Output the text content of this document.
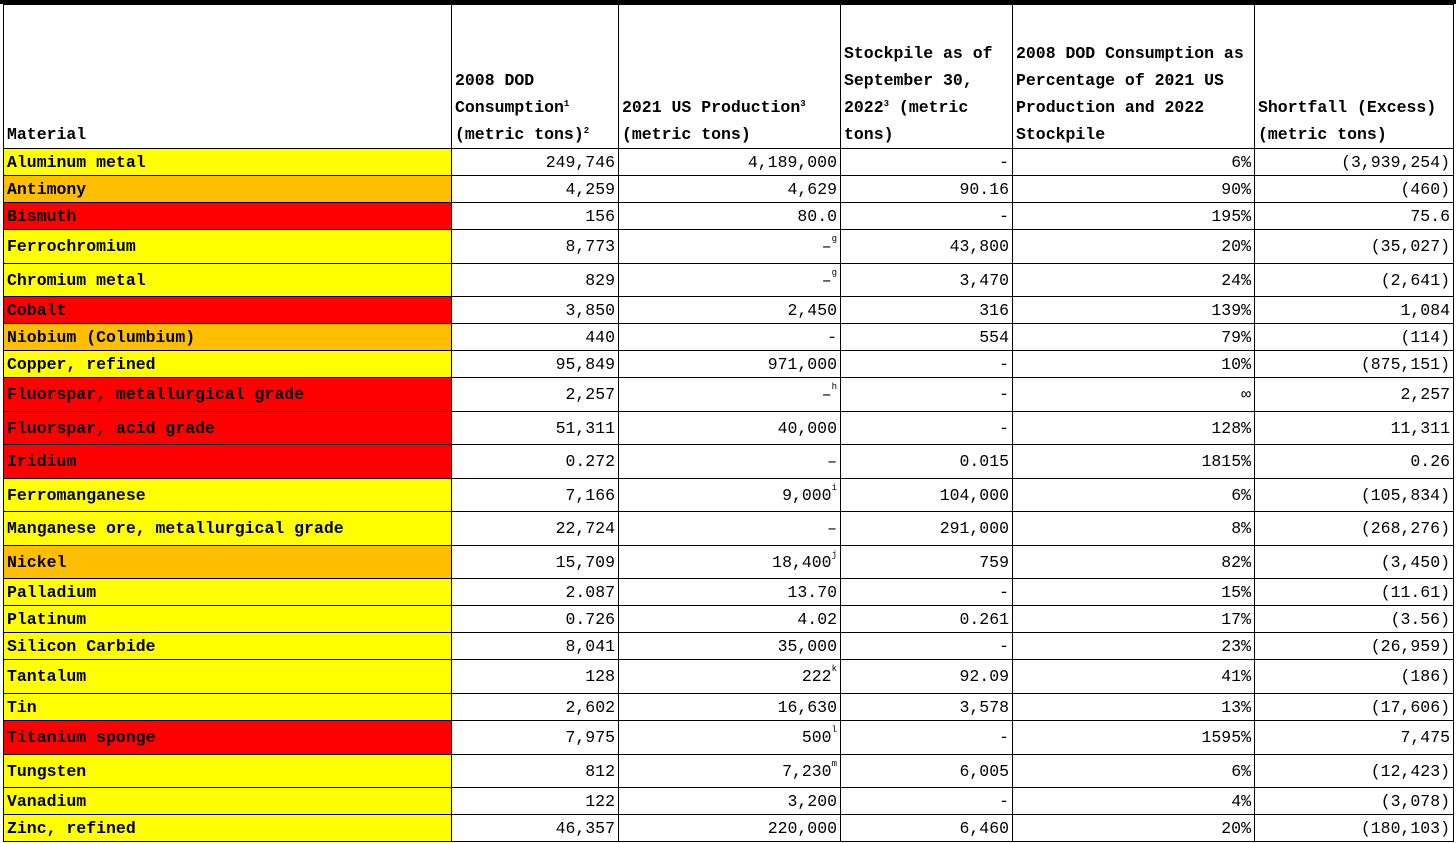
Material	2008 DOD Consumption$^1$ (metric tons)$^2$	2021 US Production$^3$ (metric tons)	Stockpile as of September 30, 2022$^3$ (metric tons)	2008 DOD Consumption as Percentage of 2021 US Production and 2022 Stockpile	Shortfall (Excess)(metric tons)
Aluminum metal	249,746	4,189,000	-	6%	(3,939,254)
Antimony	4,259	4,629	90.16	90%	(460)
Bismuth	156	80.0	-	195%	75.6
Ferrochromium	8,773	–$^g$	43,800	20%	(35,027)
Chromium metal	829	–$^g$	3,470	24%	(2,641)
Cobalt	3,850	2,450	316	139%	1,084
Niobium (Columbium)	440	-	554	79%	(114)
Copper, refined	95,849	971,000	-	10%	(875,151)
Fluorspar, metallurgical grade	2,257	–$^h$	-	∞	2,257
Fluorspar, acid grade	51,311	40,000	-	128%	11,311
Iridium	0.272	–	0.015	1815%	0.26
Ferromanganese	7,166	9,000$^i$	104,000	6%	(105,834)
Manganese ore, metallurgical grade	22,724	–	291,000	8%	(268,276)
Nickel	15,709	18,400$^j$	759	82%	(3,450)
Palladium	2.087	13.70	-	15%	(11.61)
Platinum	0.726	4.02	0.261	17%	(3.56)
Silicon Carbide	8,041	35,000	-	23%	(26,959)
Tantalum	128	222$^k$	92.09	41%	(186)
Tin	2,602	16,630	3,578	13%	(17,606)
Titanium sponge	7,975	500$^l$	-	1595%	7,475
Tungsten	812	7,230$^m$	6,005	6%	(12,423)
Vanadium	122	3,200	-	4%	(3,078)
Zinc, refined	46,357	220,000	6,460	20%	(180,103)
